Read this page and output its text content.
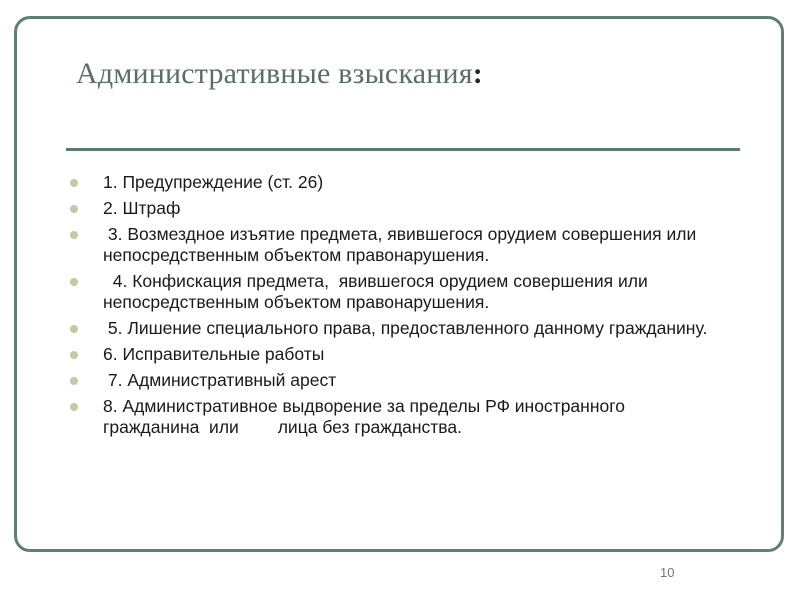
Административные взыскания:
1. Предупреждение (ст. 26)
2. Штраф
3. Возмездное изъятие предмета, явившегося орудием совершения или     непосредственным объектом правонарушения.
4. Конфискация предмета,  явившегося орудием совершения или     непосредственным объектом правонарушения.
5. Лишение специального права, предоставленного данному гражданину.
6. Исправительные работы
7. Административный арест
8. Административное выдворение за пределы РФ иностранного гражданина  или        лица без гражданства.
10
